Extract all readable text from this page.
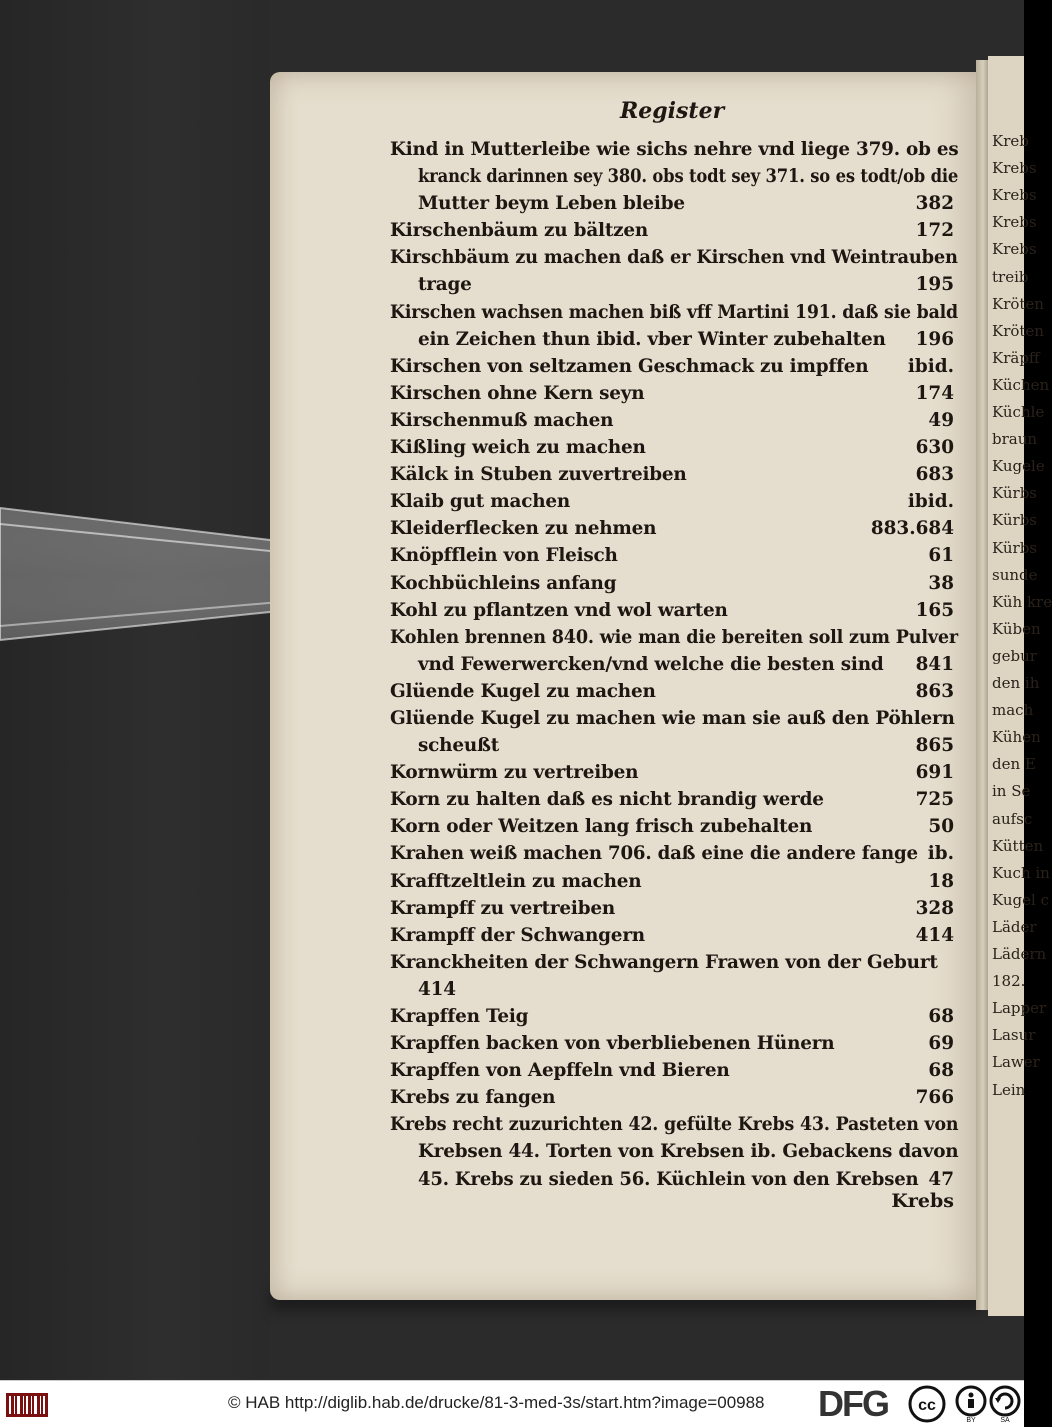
Kreb
Krebs
Krebs
Krebs
Krebs
treib
Kröten
Kröten
Kräpff
Küchen
Küchle
braun
Kugele
Kürbs
Kürbs
Kürbs
sunde
Küh kre
Küben
gebur
den ih
mach
Kühen
den E
in Se
aufsc
Kütten
Kuch in
Kugel c
Läder
Lädern
182.
Lapper
Lasur
Lawer
Lein
Register
Kind in Mutterleibe wie sichs nehre vnd liege 379. ob es
kranck darinnen sey 380. obs todt sey 371. so es todt/ob die
Mutter beym Leben bleibe	382
Kirschenbäum zu bältzen	172
Kirschbäum zu machen daß er Kirschen vnd Weintrauben
trage	195
Kirschen wachsen machen biß vff Martini 191. daß sie bald
ein Zeichen thun ibid. vber Winter zubehalten 196
Kirschen von seltzamen Geschmack zu impffen ibid.
Kirschen ohne Kern seyn	174
Kirschenmuß machen	49
Kißling weich zu machen	630
Kälck in Stuben zuvertreiben	683
Klaib gut machen	ibid.
Kleiderflecken zu nehmen	883.684
Knöpfflein von Fleisch	61
Kochbüchleins anfang	38
Kohl zu pflantzen vnd wol warten	165
Kohlen brennen 840. wie man die bereiten soll zum Pulver
vnd Fewerwercken/vnd welche die besten sind 841
Glüende Kugel zu machen	863
Glüende Kugel zu machen wie man sie auß den Pöhlern
scheußt	865
Kornwürm zu vertreiben	691
Korn zu halten daß es nicht brandig werde	725
Korn oder Weitzen lang frisch zubehalten	50
Krahen weiß machen 706. daß eine die andere fange ib.
Krafftzeltlein zu machen	18
Krampff zu vertreiben	328
Krampff der Schwangern	414
Kranckheiten der Schwangern Frawen von der Geburt
414
Krapffen Teig	68
Krapffen backen von vberbliebenen Hünern	69
Krapffen von Aepffeln vnd Bieren	68
Krebs zu fangen	766
Krebs recht zuzurichten 42. gefülte Krebs 43. Pasteten von
Krebsen 44. Torten von Krebsen ib. Gebackens davon
45. Krebs zu sieden 56. Küchlein von den Krebsen 47
Krebs
© HAB http://diglib.hab.de/drucke/81-3-med-3s/start.htm?image=00988 DFG cc
BY	SA
